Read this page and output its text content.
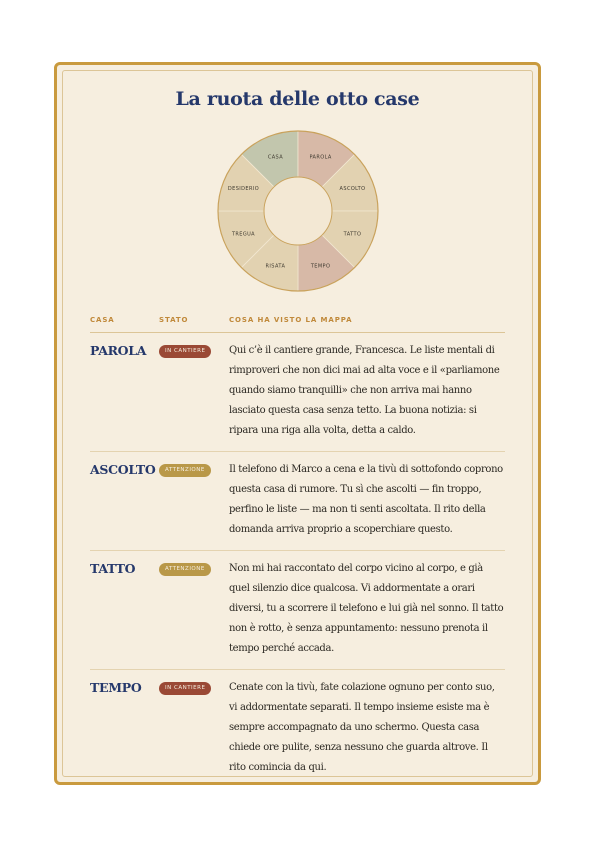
La ruota delle otto case
CASA	PAROLA
ASCOLTO
TATTO
TEMPO
RISATA
TREGUA
DESIDERIO
CASA	STATO	COSA HA VISTO LA MAPPA
PAROLA	IN CANTIERE	Qui c’è il cantiere grande, Francesca. Le liste mentali di rimproveri che non dici mai ad alta voce e il «parliamone quando siamo tranquilli» che non arriva mai hanno lasciato questa casa senza tetto. La buona notizia: si ripara una riga alla volta, detta a caldo.
ASCOLTO	ATTENZIONE	Il telefono di Marco a cena e la tivù di sottofondo coprono questa casa di rumore. Tu sì che ascolti — fin troppo, perfino le liste — ma non ti senti ascoltata. Il rito della domanda arriva proprio a scoperchiare questo.
TATTO	ATTENZIONE	Non mi hai raccontato del corpo vicino al corpo, e già quel silenzio dice qualcosa. Vi addormentate a orari diversi, tu a scorrere il telefono e lui già nel sonno. Il tatto non è rotto, è senza appuntamento: nessuno prenota il tempo perché accada.
TEMPO	IN CANTIERE	Cenate con la tivù, fate colazione ognuno per conto suo, vi addormentate separati. Il tempo insieme esiste ma è sempre accompagnato da uno schermo. Questa casa chiede ore pulite, senza nessuno che guarda altrove. Il rito comincia da qui.
